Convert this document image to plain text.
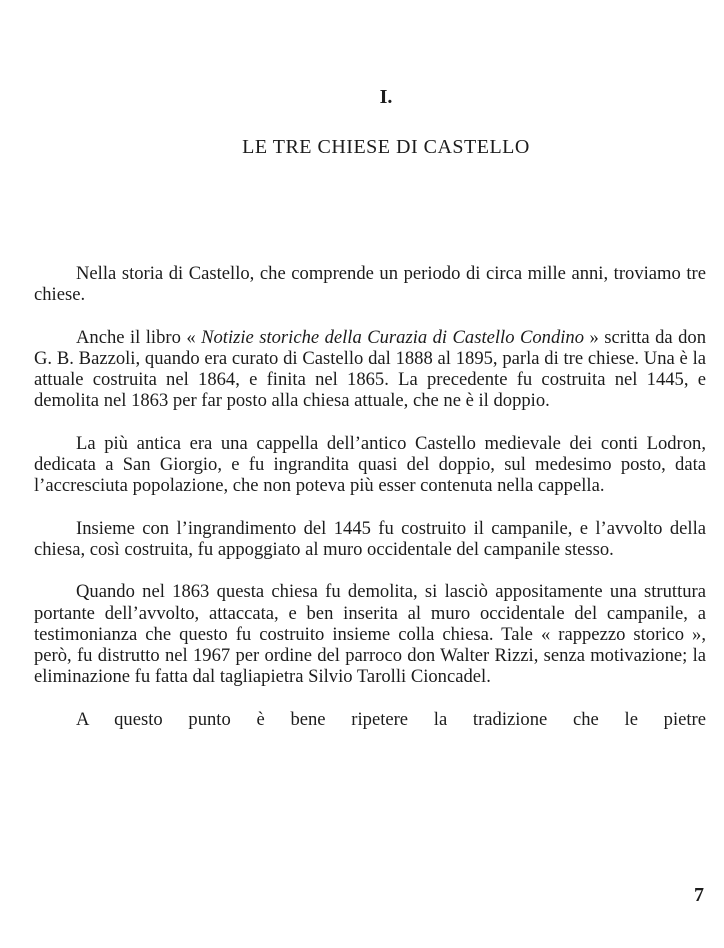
I.
LE TRE CHIESE DI CASTELLO

Nella storia di Castello, che comprende un periodo di circa mille anni, troviamo tre chiese.

Anche il libro « Notizie storiche della Curazia di Castello Condino » scritta da don G. B. Bazzoli, quando era curato di Castello dal 1888 al 1895, parla di tre chiese. Una è la attuale costruita nel 1864, e finita nel 1865. La precedente fu costruita nel 1445, e demolita nel 1863 per far posto alla chiesa attuale, che ne è il doppio.

La più antica era una cappella dell’antico Castello medievale dei conti Lodron, dedicata a San Giorgio, e fu ingrandita quasi del doppio, sul medesimo posto, data l’accresciuta popolazione, che non poteva più esser contenuta nella cappella.

Insieme con l’ingrandimento del 1445 fu costruito il campanile, e l’avvolto della chiesa, così costruita, fu appoggiato al muro occidentale del campanile stesso.

Quando nel 1863 questa chiesa fu demolita, si lasciò appositamente una struttura portante dell’avvolto, attaccata, e ben inserita al muro occidentale del campanile, a testimonianza che questo fu costruito insieme colla chiesa. Tale « rappezzo storico », però, fu distrutto nel 1967 per ordine del parroco don Walter Rizzi, senza motivazione; la eliminazione fu fatta dal tagliapietra Silvio Tarolli Cioncadel.

A questo punto è bene ripetere la tradizione che le pietre

7
